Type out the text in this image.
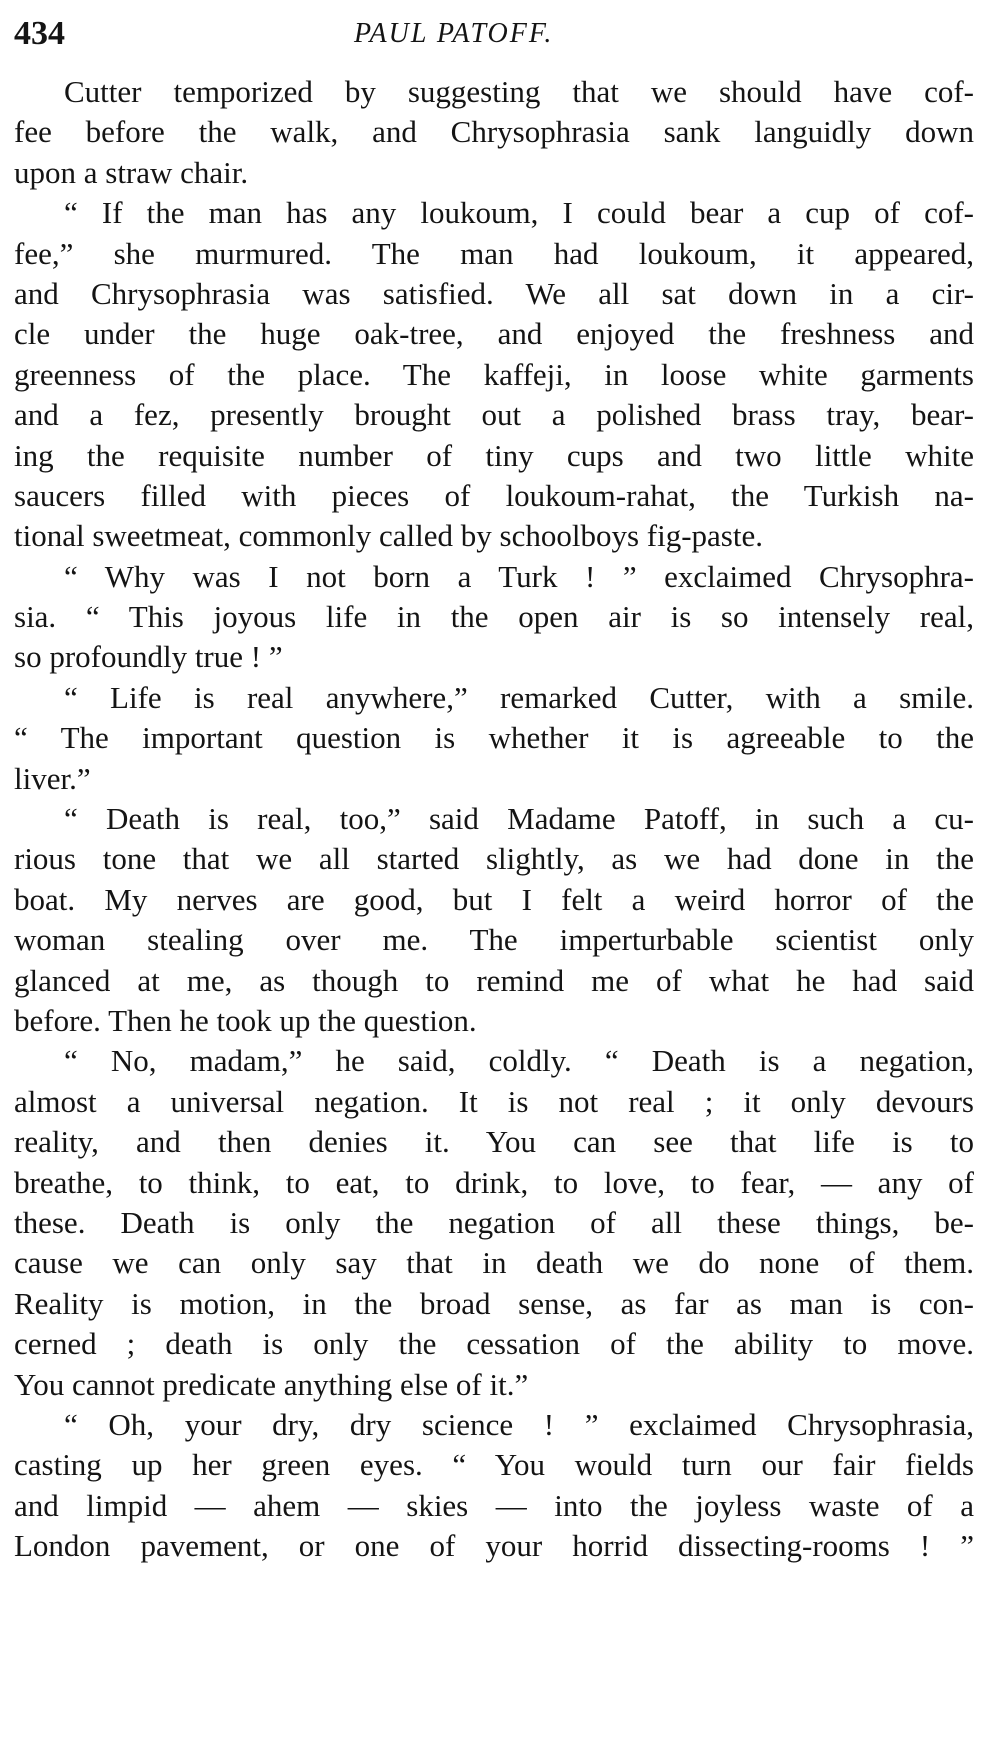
434	PAUL PATOFF.

Cutter temporized by suggesting that we should have cof-
fee before the walk, and Chrysophrasia sank languidly down
upon a straw chair.

“ If the man has any loukoum, I could bear a cup of cof-
fee,” she murmured. The man had loukoum, it appeared,
and Chrysophrasia was satisfied. We all sat down in a cir-
cle under the huge oak-tree, and enjoyed the freshness and
greenness of the place. The kaffeji, in loose white garments
and a fez, presently brought out a polished brass tray, bear-
ing the requisite number of tiny cups and two little white
saucers filled with pieces of loukoum-rahat, the Turkish na-
tional sweetmeat, commonly called by schoolboys fig-paste.

“ Why was I not born a Turk ! ” exclaimed Chrysophra-
sia. “ This joyous life in the open air is so intensely real,
so profoundly true ! ”

“ Life is real anywhere,” remarked Cutter, with a smile.
“ The important question is whether it is agreeable to the
liver.”

“ Death is real, too,” said Madame Patoff, in such a cu-
rious tone that we all started slightly, as we had done in the
boat. My nerves are good, but I felt a weird horror of the
woman stealing over me. The imperturbable scientist only
glanced at me, as though to remind me of what he had said
before. Then he took up the question.

“ No, madam,” he said, coldly. “ Death is a negation,
almost a universal negation. It is not real ; it only devours
reality, and then denies it. You can see that life is to
breathe, to think, to eat, to drink, to love, to fear, — any of
these. Death is only the negation of all these things, be-
cause we can only say that in death we do none of them.
Reality is motion, in the broad sense, as far as man is con-
cerned ; death is only the cessation of the ability to move.
You cannot predicate anything else of it.”

“ Oh, your dry, dry science ! ” exclaimed Chrysophrasia,
casting up her green eyes. “ You would turn our fair fields
and limpid — ahem — skies — into the joyless waste of a
London pavement, or one of your horrid dissecting-rooms ! ”
